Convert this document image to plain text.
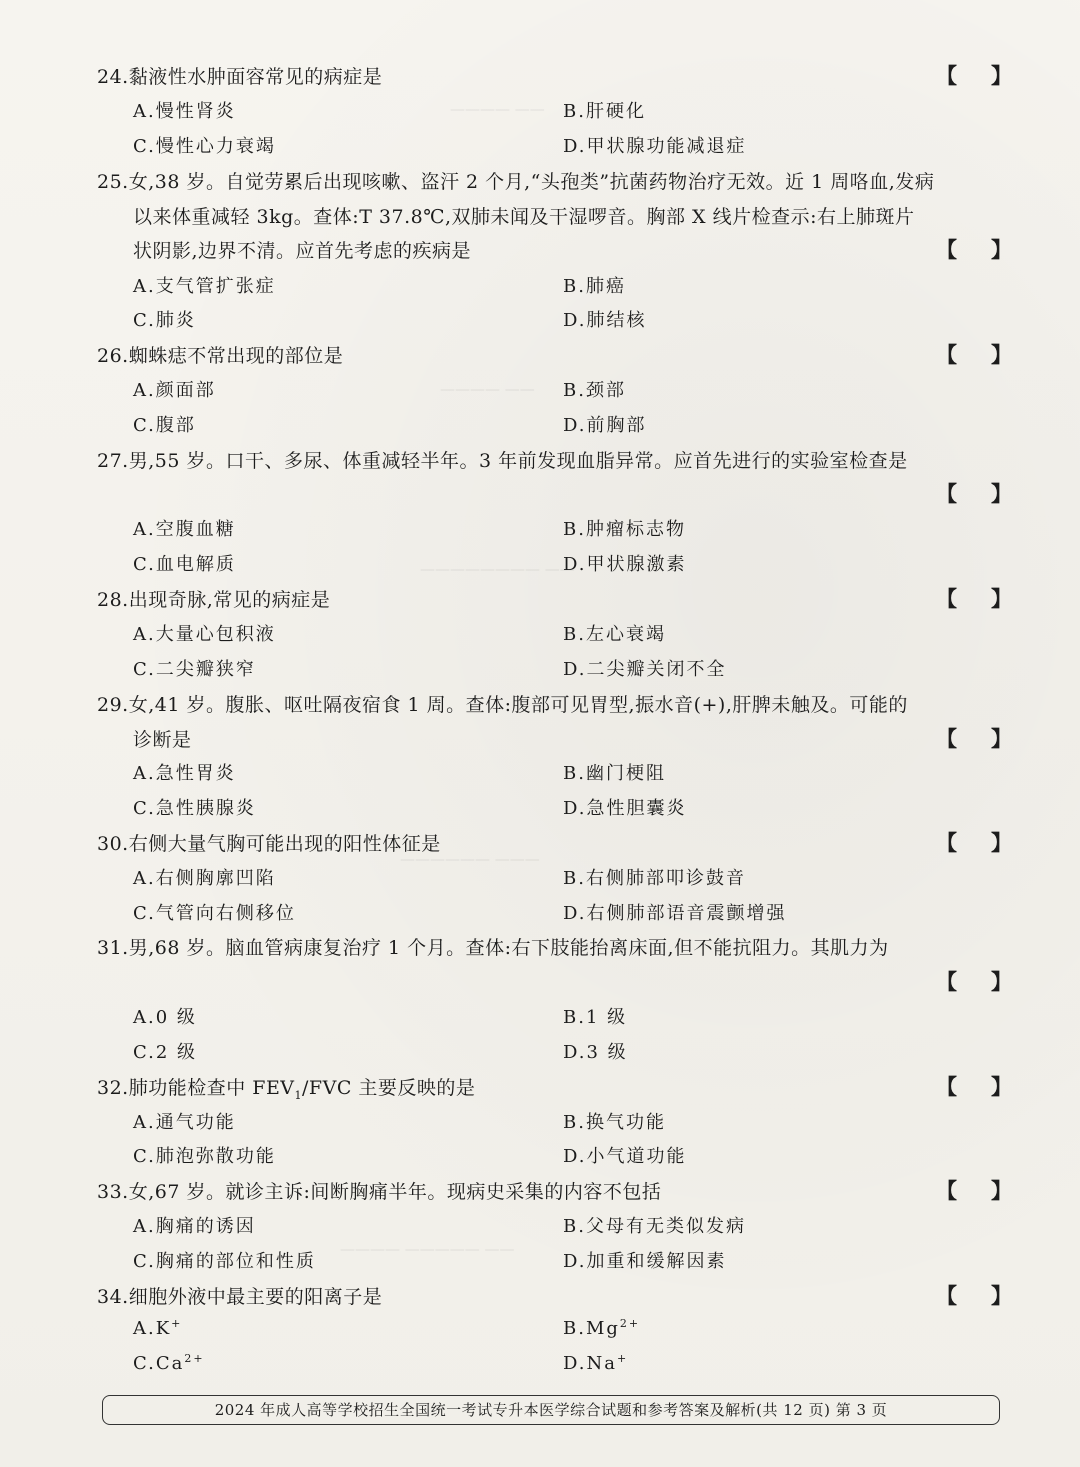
———— ——
———— ——
———————— ——
—————— ———
———— ————— ——
24.黏液性水肿面容常见的病症是	【 】
A.慢性肾炎	B.肝硬化
C.慢性心力衰竭	D.甲状腺功能减退症
25.女,38 岁。自觉劳累后出现咳嗽、盗汗 2 个月,“头孢类”抗菌药物治疗无效。近 1 周咯血,发病
以来体重减轻 3kg。查体:T 37.8℃,双肺未闻及干湿啰音。胸部 X 线片检查示:右上肺斑片
状阴影,边界不清。应首先考虑的疾病是	【 】
A.支气管扩张症	B.肺癌
C.肺炎	D.肺结核
26.蜘蛛痣不常出现的部位是	【 】
A.颜面部	B.颈部
C.腹部	D.前胸部
27.男,55 岁。口干、多尿、体重减轻半年。3 年前发现血脂异常。应首先进行的实验室检查是
【 】
A.空腹血糖	B.肿瘤标志物
C.血电解质	D.甲状腺激素
28.出现奇脉,常见的病症是	【 】
A.大量心包积液	B.左心衰竭
C.二尖瓣狭窄	D.二尖瓣关闭不全
29.女,41 岁。腹胀、呕吐隔夜宿食 1 周。查体:腹部可见胃型,振水音(+),肝脾未触及。可能的
诊断是	【 】
A.急性胃炎	B.幽门梗阻
C.急性胰腺炎	D.急性胆囊炎
30.右侧大量气胸可能出现的阳性体征是	【 】
A.右侧胸廓凹陷	B.右侧肺部叩诊鼓音
C.气管向右侧移位	D.右侧肺部语音震颤增强
31.男,68 岁。脑血管病康复治疗 1 个月。查体:右下肢能抬离床面,但不能抗阻力。其肌力为
【 】
A.0 级	B.1 级
C.2 级	D.3 级
32.肺功能检查中 $FEV_1$/FVC 主要反映的是	【 】
A.通气功能	B.换气功能
C.肺泡弥散功能	D.小气道功能
33.女,67 岁。就诊主诉:间断胸痛半年。现病史采集的内容不包括	【 】
A.胸痛的诱因	B.父母有无类似发病
C.胸痛的部位和性质	D.加重和缓解因素
34.细胞外液中最主要的阳离子是	【 】
A.K+	$B.Mg^{2+}$
$C.Ca^{2+}$	D.Na+
2024 年成人高等学校招生全国统一考试专升本医学综合试题和参考答案及解析(共 12 页) 第 3 页
